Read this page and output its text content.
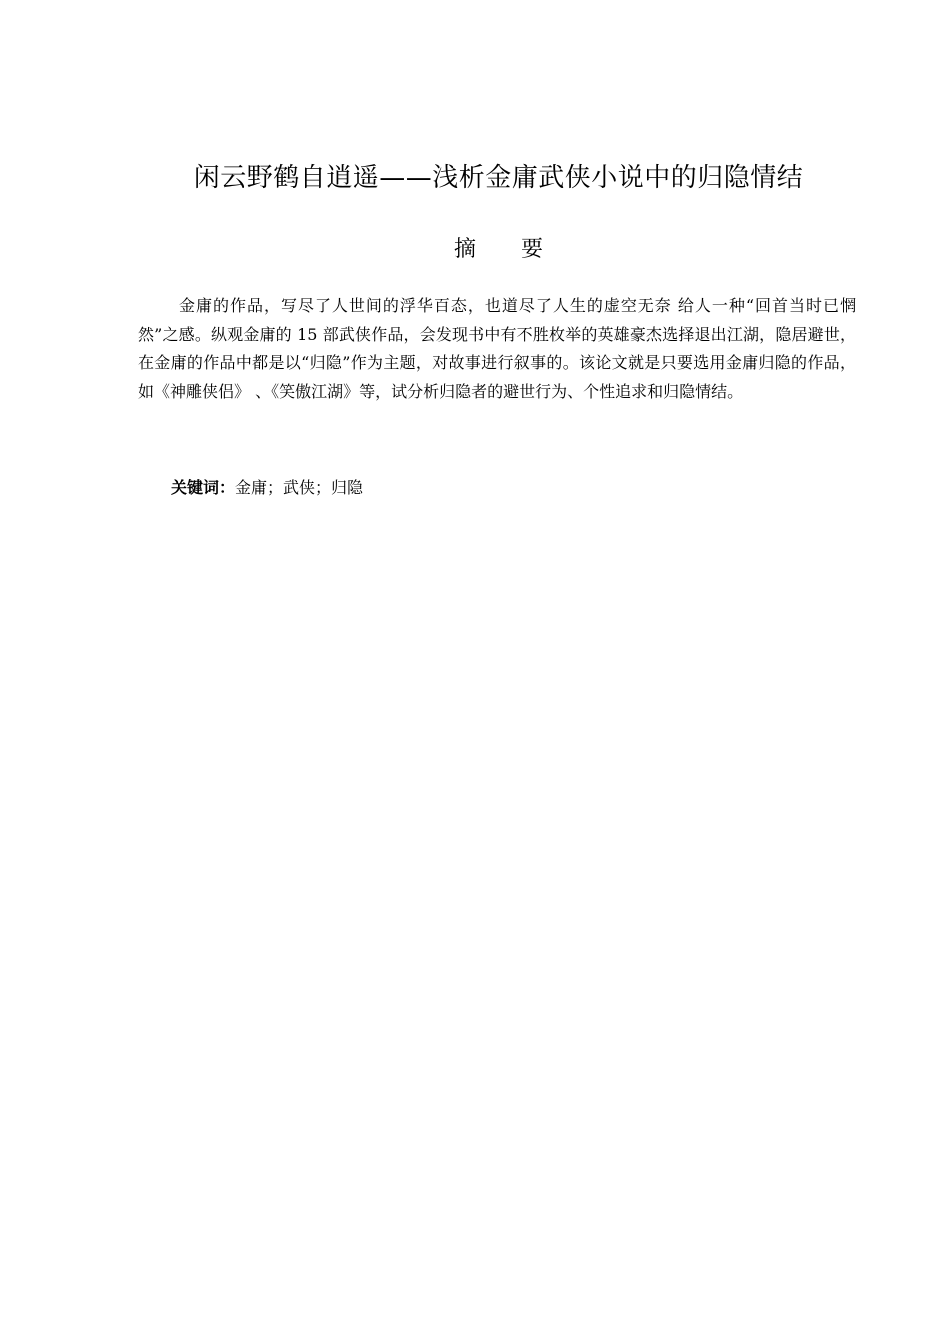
闲云野鹤自逍遥——浅析金庸武侠小说中的归隐情结
摘要

金庸的作品，写尽了人世间的浮华百态，也道尽了人生的虚空无奈 给人一种“回首当时已惘然”之感。纵观金庸的 15 部武侠作品，会发现书中有不胜枚举的英雄豪杰选择退出江湖，隐居避世，在金庸的作品中都是以“归隐”作为主题，对故事进行叙事的。该论文就是只要选用金庸归隐的作品，如《神雕侠侣》 、《笑傲江湖》等，试分析归隐者的避世行为、个性追求和归隐情结。

关键词：金庸；武侠；归隐
